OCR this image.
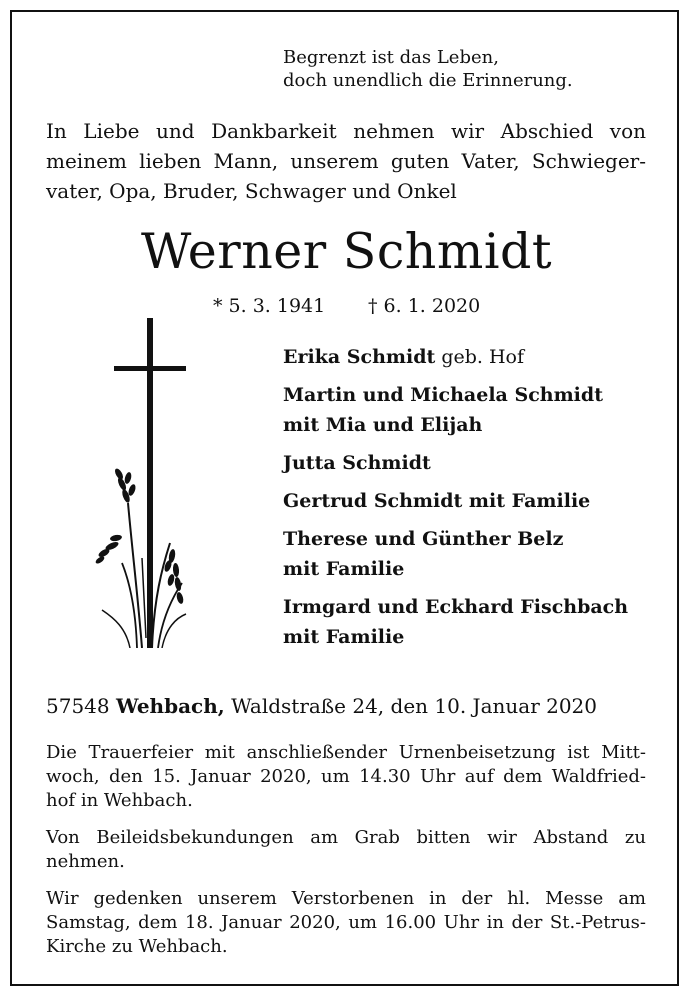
Begrenzt ist das Leben,
doch unendlich die Erinnerung.
In Liebe und Dankbarkeit nehmen wir Abschied von
meinem lieben Mann, unserem guten Vater, Schwieger-
vater, Opa, Bruder, Schwager und Onkel
Werner Schmidt
* 5. 3. 1941 † 6. 1. 2020
Erika Schmidt geb. Hof
Martin und Michaela Schmidt
mit Mia und Elijah
Jutta Schmidt
Gertrud Schmidt mit Familie
Therese und Günther Belz
mit Familie
Irmgard und Eckhard Fischbach
mit Familie
57548 Wehbach, Waldstraße 24, den 10. Januar 2020
Die Trauerfeier mit anschließender Urnenbeisetzung ist Mitt-
woch, den 15. Januar 2020, um 14.30 Uhr auf dem Waldfried-
hof in Wehbach.
Von Beileidsbekundungen am Grab bitten wir Abstand zu
nehmen.
Wir gedenken unserem Verstorbenen in der hl. Messe am
Samstag, dem 18. Januar 2020, um 16.00 Uhr in der St.-Petrus-
Kirche zu Wehbach.
